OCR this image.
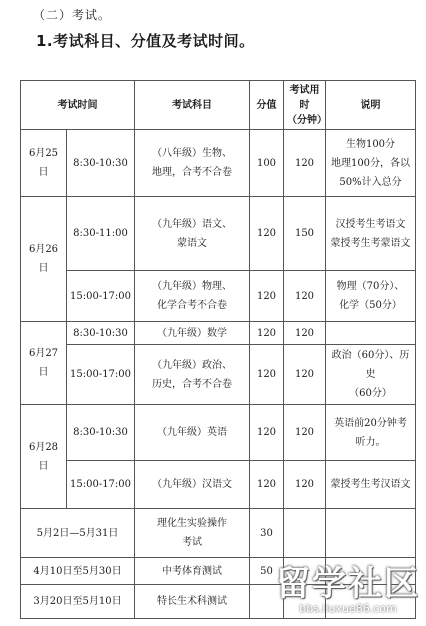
（二）考试。
1.考试科目、分值及考试时间。
考试时间		考试科目	分值	考试用时
（分钟）	说明
6月25日	8:30-10:30	（八年级）生物、
地理，合考不合卷	100	120	生物100分
地理100分，各以
50%计入总分
6月26日	8:30-11:00	（九年级）语文、
蒙语文	120	150	汉授考生考语文
蒙授考生考蒙语文
	15:00-17:00	（九年级）物理、
化学合考不合卷	120	120	物理（70分）、
化学（50分）
6月27日	8:30-10:30	（九年级）数学	120	120	
	15:00-17:00	（九年级）政治、
历史，合考不合卷	120	120	政治（60分）、历史
（60分）
6月28日	8:30-10:30	（九年级）英语	120	120	英语前20分钟考
听力。
	15:00-17:00	（九年级）汉语文	120	120	蒙授考生考汉语文
5月2日—5月31日		理化生实验操作
考试	30		
4月10日至5月30日		中考体育测试	50		
3月20日至5月10日		特长生术科测试			留学社区
bbs.liuxue86.com
